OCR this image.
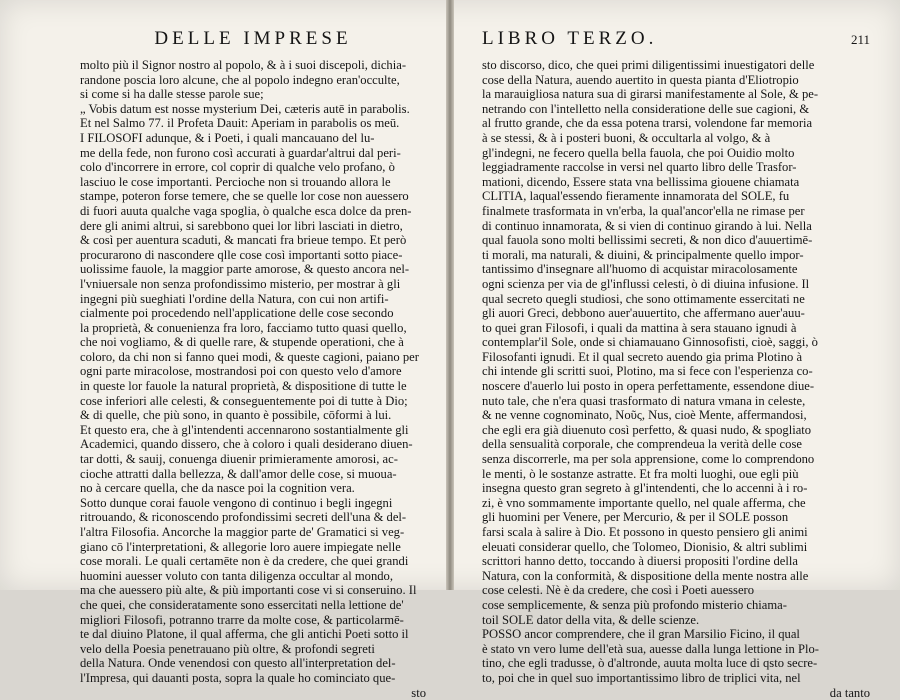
DELLE IMPRESE
molto più il Signor nostro al popolo, & à i suoi discepoli, dichia-
randone poscia loro alcune, che al popolo indegno eran'occulte,
si come si ha dalle stesse parole sue;
„ Vobis datum est nosse mysterium Dei, cæteris autē in parabolis.
Et nel Salmo 77. il Profeta Dauit: Aperiam in parabolis os meū.
I FILOSOFI adunque, & i Poeti, i quali mancauano del lu-
me della fede, non furono così accurati à guardar'altrui dal peri-
colo d'incorrere in errore, col coprir di qualche velo profano, ò
lasciuo le cose importanti. Percioche non si trouando allora le
stampe, poteron forse temere, che se quelle lor cose non auessero
di fuori auuta qualche vaga spoglia, ò qualche esca dolce da pren-
dere gli animi altrui, si sarebbono quei lor libri lasciati in dietro,
& così per auentura scaduti, & mancati fra brieue tempo. Et però
procurarono di nascondere qlle cose così importanti sotto piace-
uolissime fauole, la maggior parte amorose, & questo ancora nel-
l'vniuersale non senza profondissimo misterio, per mostrar à gli
ingegni più sueghiati l'ordine della Natura, con cui non artifi-
cialmente poi procedendo nell'applicatione delle cose secondo
la proprietà, & conuenienza fra loro, facciamo tutto quasi quello,
che noi vogliamo, & di quelle rare, & stupende operationi, che à
coloro, da chi non si fanno quei modi, & queste cagioni, paiano per
ogni parte miracolose, mostrandosi poi con questo velo d'amore
in queste lor fauole la natural proprietà, & dispositione di tutte le
cose inferiori alle celesti, & conseguentemente poi di tutte à Dio;
& di quelle, che più sono, in quanto è possibile, cōformi à lui.
Et questo era, che à gl'intendenti accennarono sostantialmente gli
Academici, quando dissero, che à coloro i quali desiderano diuen-
tar dotti, & sauij, conuenga diuenir primieramente amorosi, ac-
cioche attratti dalla bellezza, & dall'amor delle cose, si muoua-
no à cercare quella, che da nasce poi la cognition vera.
Sotto dunque corai fauole vengono di continuo i begli ingegni
ritrouando, & riconoscendo profondissimi secreti dell'una & del-
l'altra Filosofia. Ancorche la maggior parte de' Gramatici si veg-
giano cō l'interpretationi, & allegorie loro auere impiegate nelle
cose morali. Le quali certamēte non è da credere, che quei grandi
huomini auesser voluto con tanta diligenza occultar al mondo,
ma che auessero più alte, & più importanti cose vi si conseruino. Il
che quei, che consideratamente sono essercitati nella lettione de'
migliori Filosofi, potranno trarre da molte cose, & particolarmē-
te dal diuino Platone, il qual afferma, che gli antichi Poeti sotto il
velo della Poesia penetrauano più oltre, & profondi segreti
della Natura. Onde venendosi con questo all'interpretation del-
l'Impresa, qui dauanti posta, sopra la quale ho cominciato que-
sto
LIBRO TERZO.	211
sto discorso, dico, che quei primi diligentissimi inuestigatori delle
cose della Natura, auendo auertito in questa pianta d'Eliotropio
la marauigliosa natura sua di girarsi manifestamente al Sole, & pe-
netrando con l'intelletto nella consideratione delle sue cagioni, &
al frutto grande, che da essa potena trarsi, volendone far memoria
à se stessi, & à i posteri buoni, & occultarla al volgo, & à
gl'indegni, ne fecero quella bella fauola, che poi Ouidio molto
leggiadramente raccolse in versi nel quarto libro delle Trasfor-
mationi, dicendo, Essere stata vna bellissima giouene chiamata
CLITIA, laqual'essendo fieramente innamorata del SOLE, fu
finalmete trasformata in vn'erba, la qual'ancor'ella ne rimase per
di continuo innamorata, & si vien di continuo girando à lui. Nella
qual fauola sono molti bellissimi secreti, & non dico d'auuertimē-
ti morali, ma naturali, & diuini, & principalmente quello impor-
tantissimo d'insegnare all'huomo di acquistar miracolosamente
ogni scienza per via de gl'influssi celesti, ò di diuina infusione. Il
qual secreto quegli studiosi, che sono ottimamente essercitati ne
gli auori Greci, debbono auer'auuertito, che affermano auer'auu-
to quei gran Filosofi, i quali da mattina à sera stauano ignudi à
contemplar'il Sole, onde si chiamauano Ginnosofisti, cioè, saggi, ò
Filosofanti ignudi. Et il qual secreto auendo gia prima Plotino à
chi intende gli scritti suoi, Plotino, ma si fece con l'esperienza co-
noscere d'auerlo lui posto in opera perfettamente, essendone diue-
nuto tale, che n'era quasi trasformato di natura vmana in celeste,
& ne venne cognominato, Νοῦς, Nus, cioè Mente, affermandosi,
che egli era già diuenuto così perfetto, & quasi nudo, & spogliato
della sensualità corporale, che comprendeua la verità delle cose
senza discorrerle, ma per sola apprensione, come lo comprendono
le menti, ò le sostanze astratte. Et fra molti luoghi, oue egli più
insegna questo gran segreto à gl'intendenti, che lo accenni à i ro-
zi, è vno sommamente importante quello, nel quale afferma, che
gli huomini per Venere, per Mercurio, & per il SOLE posson
farsi scala à salire à Dio. Et possono in questo pensiero gli animi
eleuati considerar quello, che Tolomeo, Dionisio, & altri sublimi
scrittori hanno detto, toccando à diuersi propositi l'ordine della
Natura, con la conformità, & dispositione della mente nostra alle
cose celesti. Nè è da credere, che così i Poeti auessero
cose semplicemente, & senza più profondo misterio chiama-
toil SOLE dator della vita, & delle scienze.
POSSO ancor comprendere, che il gran Marsilio Ficino, il qual
è stato vn vero lume dell'età sua, auesse dalla lunga lettione in Plo-
tino, che egli tradusse, ò d'altronde, auuta molta luce di qsto secre-
to, poi che in quel suo importantissimo libro de triplici vita, nel
da tanto
